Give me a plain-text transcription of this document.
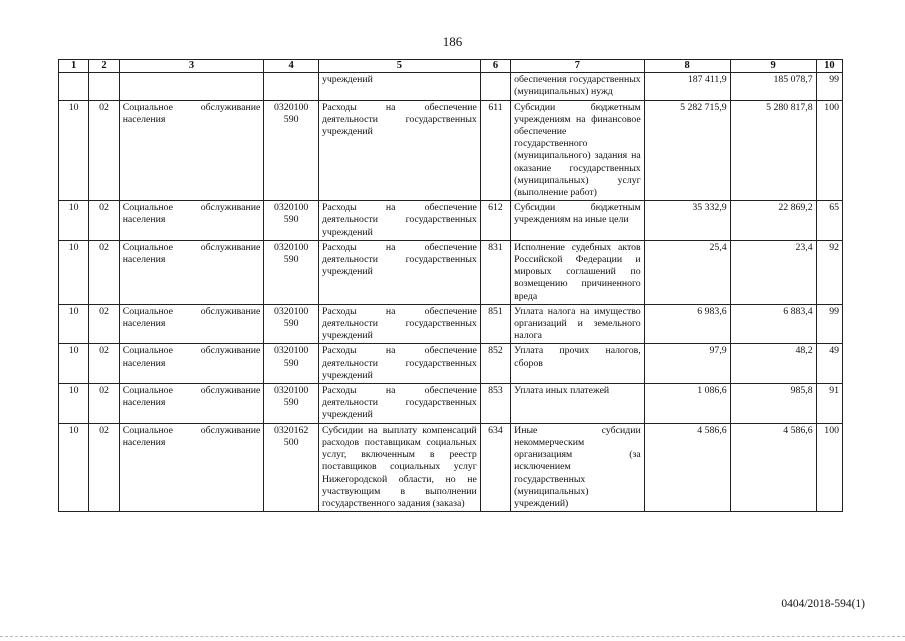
186
1	2	3	4	5	6	7	8	9	10
				учреждений		обеспечения государственных (муниципальных) нужд	187 411,9	185 078,7	99
10	02	Социальное обслуживание населения	0320100 590	Расходы на обеспечение деятельности государственных учреждений	611	Субсидии бюджетным учреждениям на финансовое обеспечение государственного (муниципального) задания на оказание государственных (муниципальных) услуг (выполнение работ)	5 282 715,9	5 280 817,8	100
10	02	Социальное обслуживание населения	0320100 590	Расходы на обеспечение деятельности государственных учреждений	612	Субсидии бюджетным учреждениям на иные цели	35 332,9	22 869,2	65
10	02	Социальное обслуживание населения	0320100 590	Расходы на обеспечение деятельности государственных учреждений	831	Исполнение судебных актов Российской Федерации и мировых соглашений по возмещению причиненного вреда	25,4	23,4	92
10	02	Социальное обслуживание населения	0320100 590	Расходы на обеспечение деятельности государственных учреждений	851	Уплата налога на имущество организаций и земельного налога	6 983,6	6 883,4	99
10	02	Социальное обслуживание населения	0320100 590	Расходы на обеспечение деятельности государственных учреждений	852	Уплата прочих налогов, сборов	97,9	48,2	49
10	02	Социальное обслуживание населения	0320100 590	Расходы на обеспечение деятельности государственных учреждений	853	Уплата иных платежей	1 086,6	985,8	91
10	02	Социальное обслуживание населения	0320162 500	Субсидии на выплату компенсаций расходов поставщикам социальных услуг, включенным в реестр поставщиков социальных услуг Нижегородской области, но не участвующим в выполнении государственного задания (заказа)	634	Иные субсидии некоммерческим организациям (за исключением государственных (муниципальных) учреждений)	4 586,6	4 586,6	100
0404/2018-594(1)
